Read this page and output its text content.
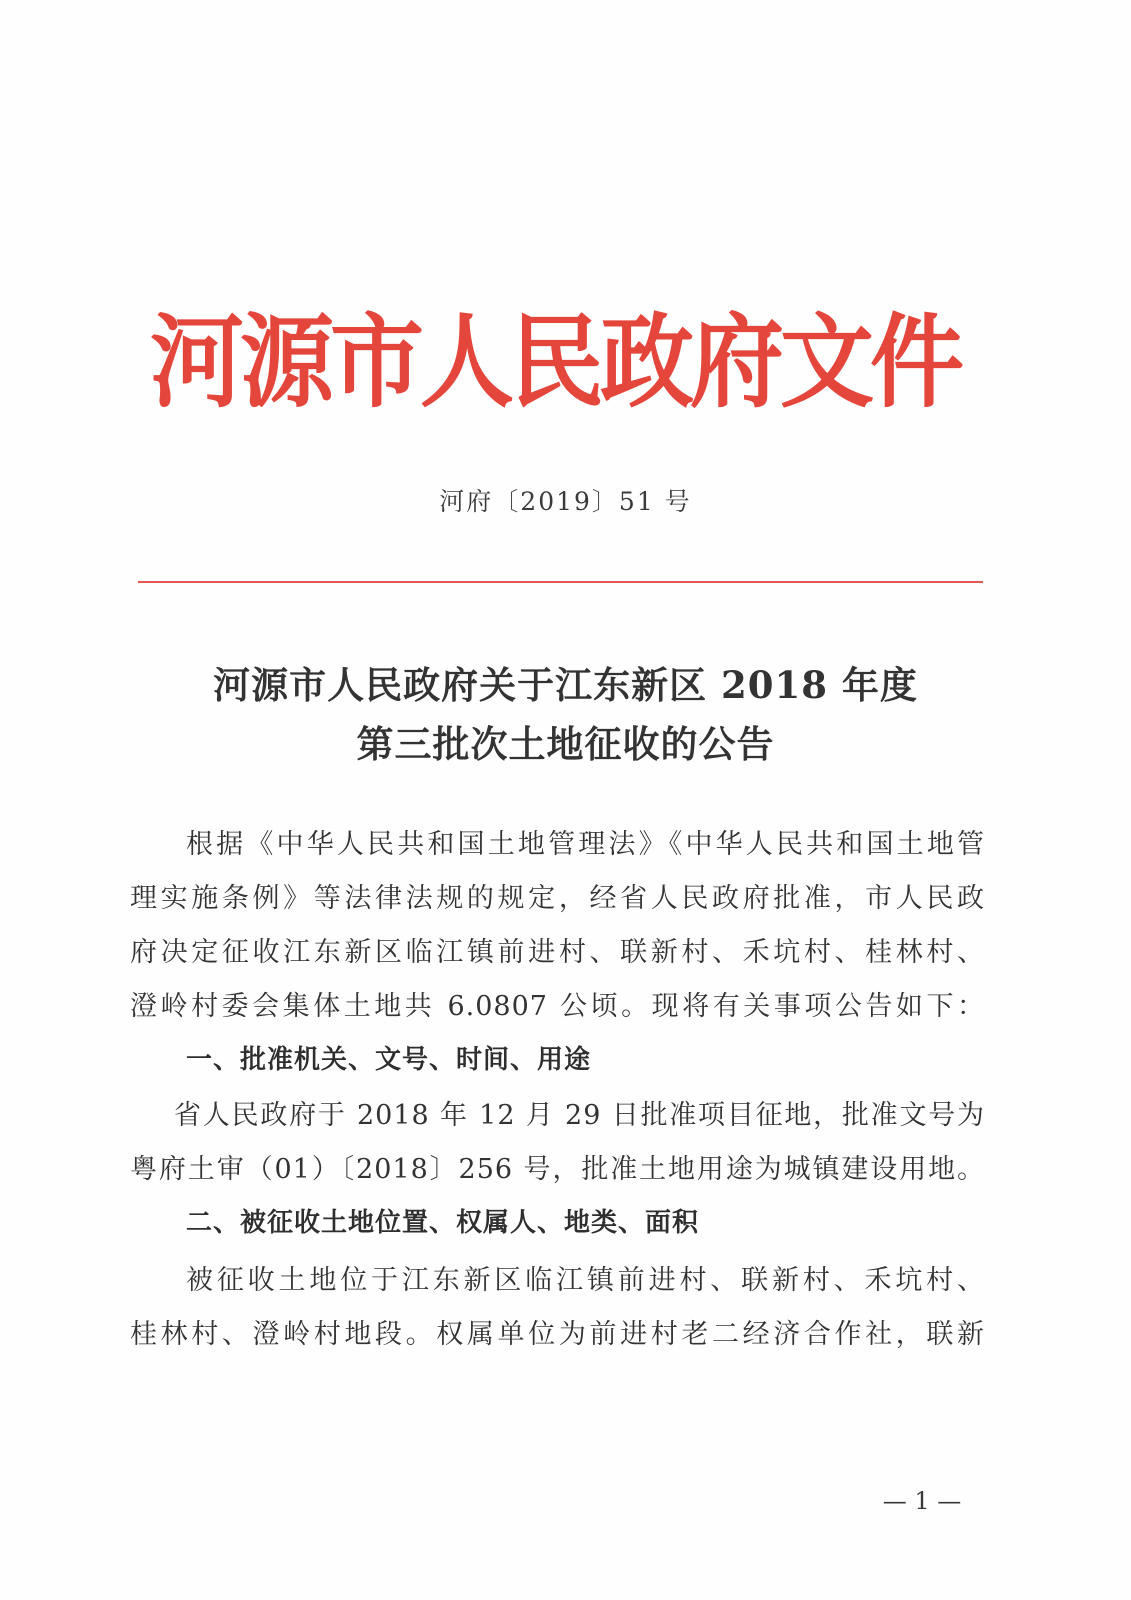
河源市人民政府文件
河府〔2019〕51 号
河源市人民政府关于江东新区 2018 年度
第三批次土地征收的公告
根据《中华人民共和国土地管理法》《中华人民共和国土地管
理实施条例》等法律法规的规定，经省人民政府批准，市人民政
府决定征收江东新区临江镇前进村、联新村、禾坑村、桂林村、
澄岭村委会集体土地共 6.0807 公顷。现将有关事项公告如下：
一、批准机关、文号、时间、用途
省人民政府于 2018 年 12 月 29 日批准项目征地，批准文号为
粤府土审（01）〔2018〕256 号，批准土地用途为城镇建设用地。
二、被征收土地位置、权属人、地类、面积
被征收土地位于江东新区临江镇前进村、联新村、禾坑村、
桂林村、澄岭村地段。权属单位为前进村老二经济合作社，联新
— 1 —
